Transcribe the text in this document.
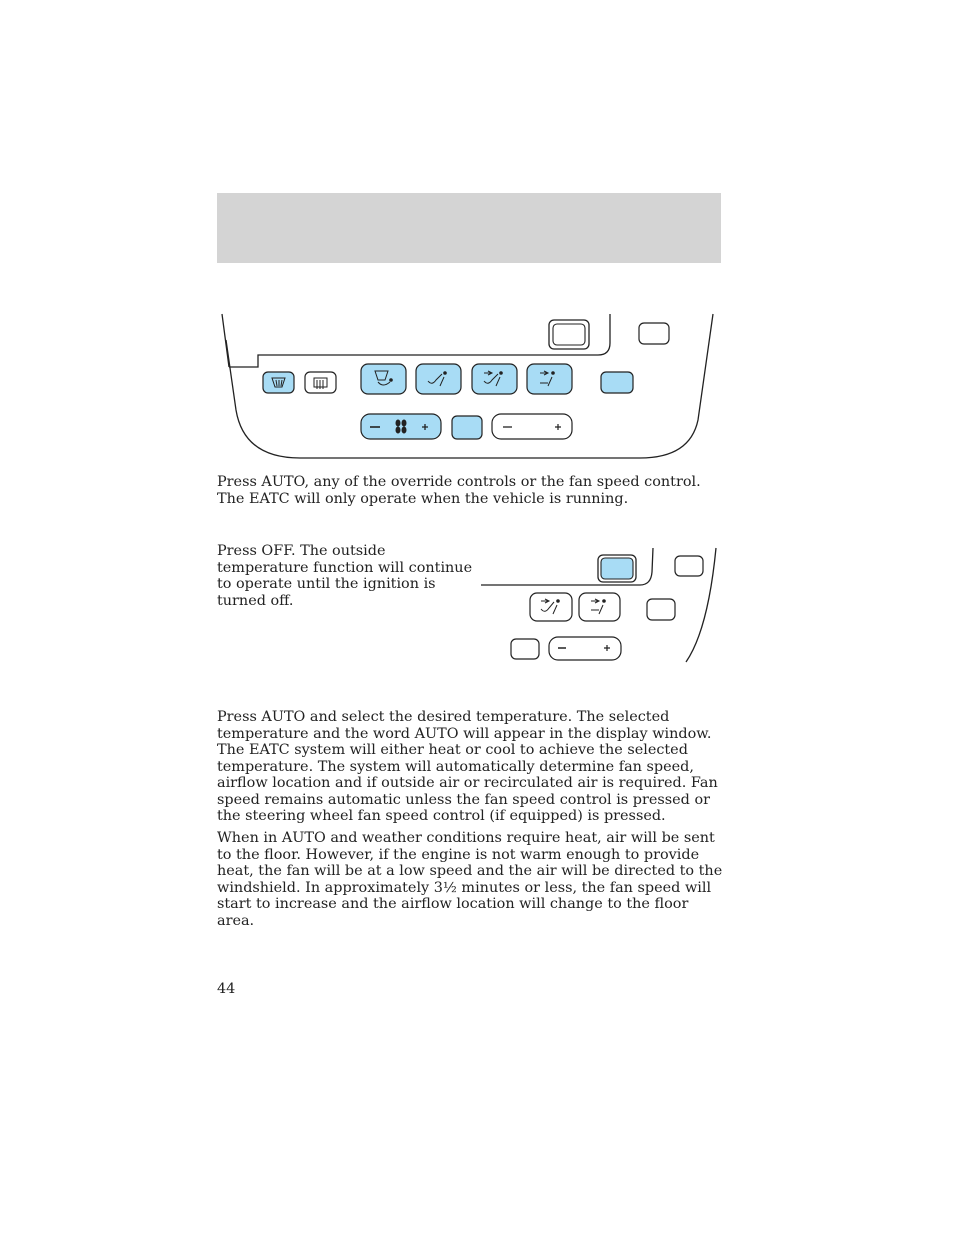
Press AUTO, any of the override controls or the fan speed control. The EATC will only operate when the vehicle is running.

Press OFF. The outside temperature function will continue to operate until the ignition is turned off.

Press AUTO and select the desired temperature. The selected temperature and the word AUTO will appear in the display window. The EATC system will either heat or cool to achieve the selected temperature. The system will automatically determine fan speed, airflow location and if outside air or recirculated air is required. Fan speed remains automatic unless the fan speed control is pressed or the steering wheel fan speed control (if equipped) is pressed.

When in AUTO and weather conditions require heat, air will be sent to the floor. However, if the engine is not warm enough to provide heat, the fan will be at a low speed and the air will be directed to the windshield. In approximately 3½ minutes or less, the fan speed will start to increase and the airflow location will change to the floor area.

44
